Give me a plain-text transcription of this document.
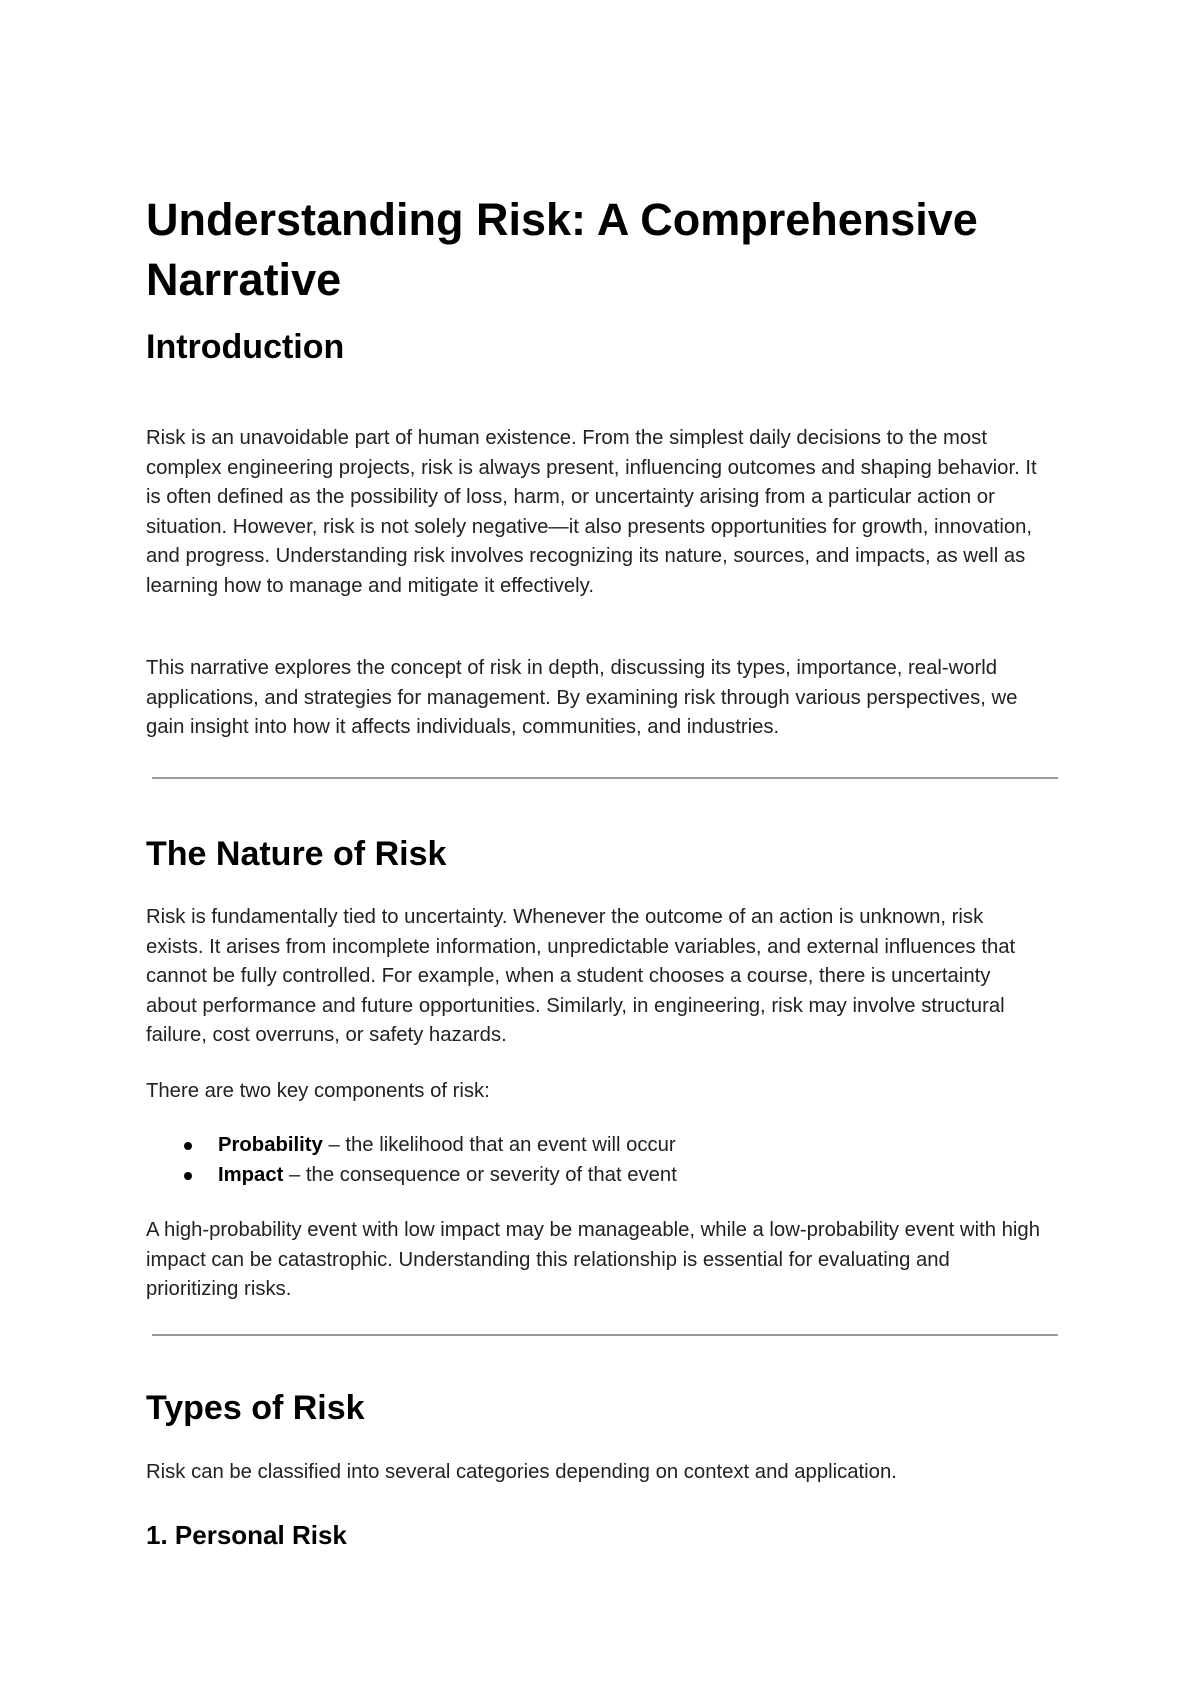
Understanding Risk: A Comprehensive Narrative
Introduction

Risk is an unavoidable part of human existence. From the simplest daily decisions to the most complex engineering projects, risk is always present, influencing outcomes and shaping behavior. It is often defined as the possibility of loss, harm, or uncertainty arising from a particular action or situation. However, risk is not solely negative—it also presents opportunities for growth, innovation, and progress. Understanding risk involves recognizing its nature, sources, and impacts, as well as learning how to manage and mitigate it effectively.

This narrative explores the concept of risk in depth, discussing its types, importance, real-world applications, and strategies for management. By examining risk through various perspectives, we gain insight into how it affects individuals, communities, and industries.

The Nature of Risk

Risk is fundamentally tied to uncertainty. Whenever the outcome of an action is unknown, risk exists. It arises from incomplete information, unpredictable variables, and external influences that cannot be fully controlled. For example, when a student chooses a course, there is uncertainty about performance and future opportunities. Similarly, in engineering, risk may involve structural failure, cost overruns, or safety hazards.

There are two key components of risk:

Probability – the likelihood that an event will occur
Impact – the consequence or severity of that event

A high-probability event with low impact may be manageable, while a low-probability event with high impact can be catastrophic. Understanding this relationship is essential for evaluating and prioritizing risks.

Types of Risk

Risk can be classified into several categories depending on context and application.

1. Personal Risk
